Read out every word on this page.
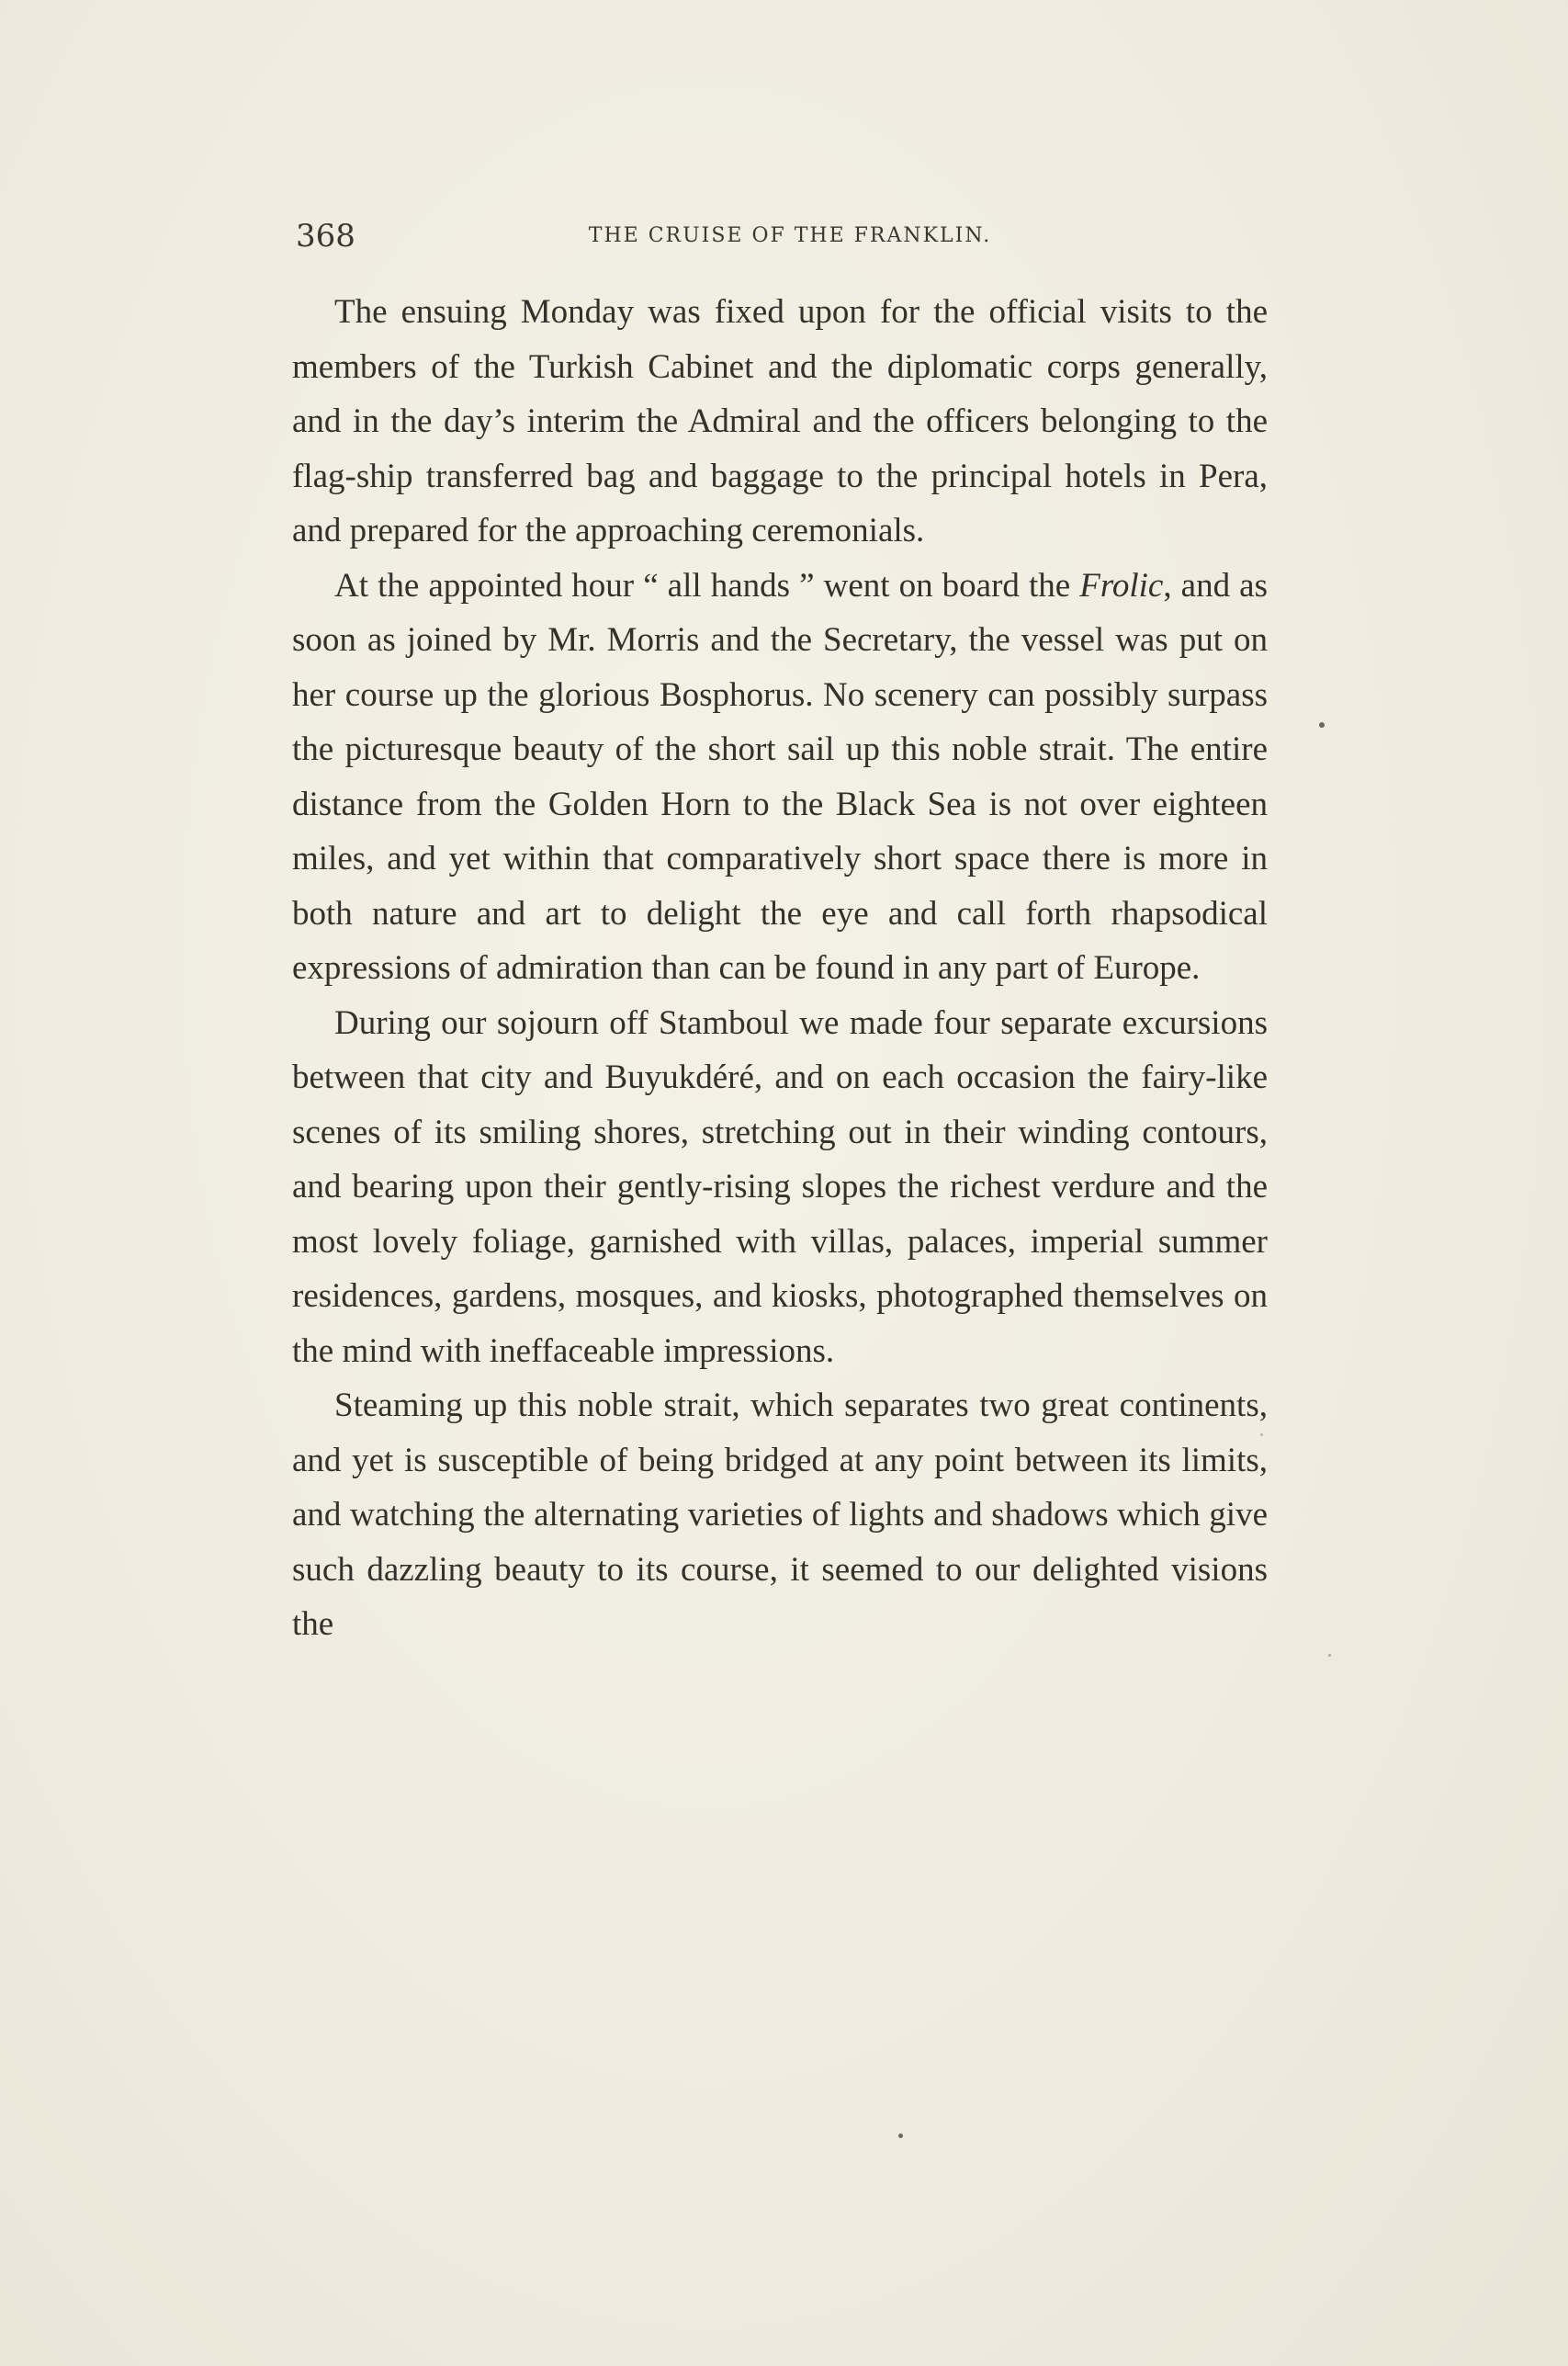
368	THE CRUISE OF THE FRANKLIN.

The ensuing Monday was fixed upon for the official visits to the members of the Turkish Cabinet and the diplomatic corps generally, and in the day’s interim the Admiral and the officers belonging to the flag-ship transferred bag and baggage to the principal hotels in Pera, and prepared for the approaching ceremonials.

At the appointed hour “ all hands ” went on board the Frolic, and as soon as joined by Mr. Morris and the Secretary, the vessel was put on her course up the glorious Bosphorus. No scenery can possibly surpass the picturesque beauty of the short sail up this noble strait. The entire distance from the Golden Horn to the Black Sea is not over eighteen miles, and yet within that comparatively short space there is more in both nature and art to delight the eye and call forth rhapsodical expressions of admiration than can be found in any part of Europe.

During our sojourn off Stamboul we made four separate excursions between that city and Buyukdéré, and on each occasion the fairy-like scenes of its smiling shores, stretching out in their winding contours, and bearing upon their gently-rising slopes the richest verdure and the most lovely foliage, garnished with villas, palaces, imperial summer residences, gardens, mosques, and kiosks, photographed themselves on the mind with ineffaceable impressions.

Steaming up this noble strait, which separates two great continents, and yet is susceptible of being bridged at any point between its limits, and watching the alternating varieties of lights and shadows which give such dazzling beauty to its course, it seemed to our delighted visions the
